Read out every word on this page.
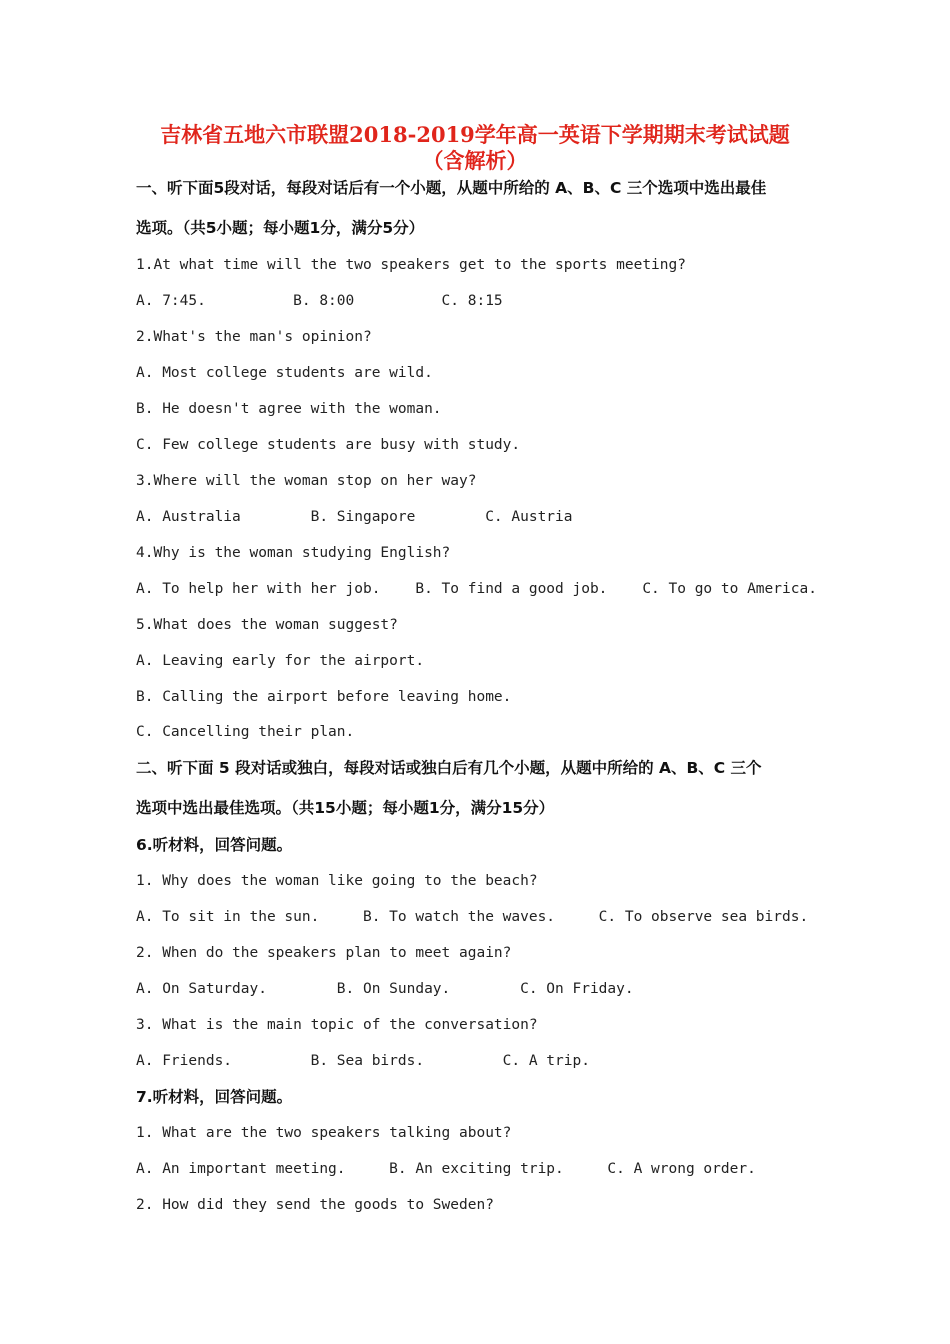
吉林省五地六市联盟2018-2019学年高一英语下学期期末考试试题
（含解析）
一、听下面5段对话，每段对话后有一个小题，从题中所给的 A、B、C 三个选项中选出最佳
选项。（共5小题；每小题1分，满分5分）
1.At what time will the two speakers get to the sports meeting?
A. 7:45.          B. 8:00          C. 8:15
2.What's the man's opinion?
A. Most college students are wild.
B. He doesn't agree with the woman.
C. Few college students are busy with study.
3.Where will the woman stop on her way?
A. Australia        B. Singapore        C. Austria
4.Why is the woman studying English?
A. To help her with her job.    B. To find a good job.    C. To go to America.
5.What does the woman suggest?
A. Leaving early for the airport.
B. Calling the airport before leaving home.
C. Cancelling their plan.
二、听下面 5 段对话或独白，每段对话或独白后有几个小题，从题中所给的 A、B、C 三个
选项中选出最佳选项。（共15小题；每小题1分，满分15分）
6.听材料，回答问题。
1. Why does the woman like going to the beach?
A. To sit in the sun.     B. To watch the waves.     C. To observe sea birds.
2. When do the speakers plan to meet again?
A. On Saturday.        B. On Sunday.        C. On Friday.
3. What is the main topic of the conversation?
A. Friends.         B. Sea birds.         C. A trip.
7.听材料，回答问题。
1. What are the two speakers talking about?
A. An important meeting.     B. An exciting trip.     C. A wrong order.
2. How did they send the goods to Sweden?
